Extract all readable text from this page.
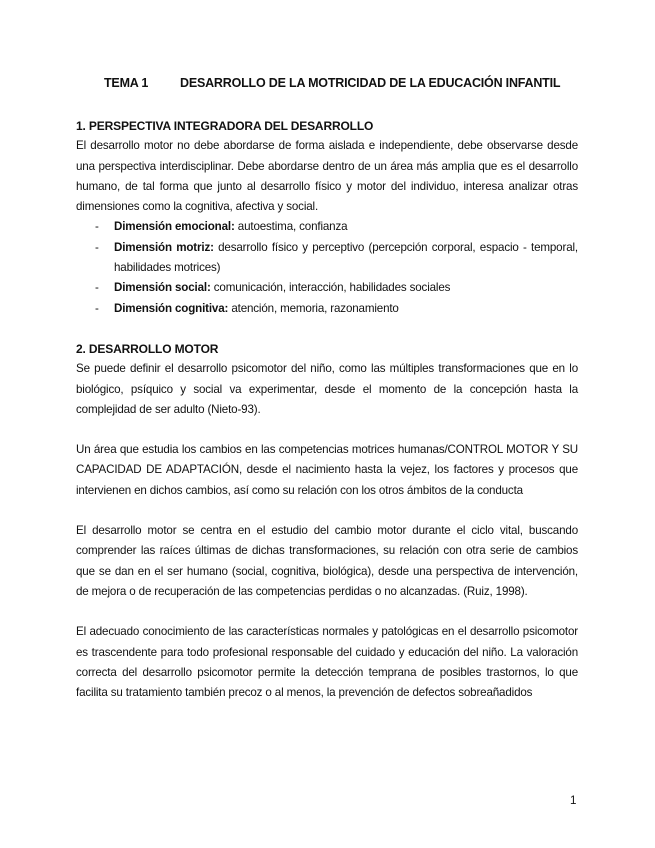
TEMA 1	DESARROLLO DE LA MOTRICIDAD DE LA EDUCACIÓN INFANTIL
1. PERSPECTIVA INTEGRADORA DEL DESARROLLO

El desarrollo motor no debe abordarse de forma aislada e independiente, debe observarse desde una perspectiva interdisciplinar. Debe abordarse dentro de un área más amplia que es el desarrollo humano, de tal forma que junto al desarrollo físico y motor del individuo, interesa analizar otras dimensiones como la cognitiva, afectiva y social.

- Dimensión emocional: autoestima, confianza
- Dimensión motriz: desarrollo físico y perceptivo (percepción corporal, espacio - temporal, habilidades motrices)
- Dimensión social: comunicación, interacción, habilidades sociales
- Dimensión cognitiva: atención, memoria, razonamiento
2. DESARROLLO MOTOR

Se puede definir el desarrollo psicomotor del niño, como las múltiples transformaciones que en lo biológico, psíquico y social va experimentar, desde el momento de la concepción hasta la complejidad de ser adulto (Nieto-93).

Un área que estudia los cambios en las competencias motrices humanas/CONTROL MOTOR Y SU CAPACIDAD DE ADAPTACIÓN, desde el nacimiento hasta la vejez, los factores y procesos que intervienen en dichos cambios, así como su relación con los otros ámbitos de la conducta

El desarrollo motor se centra en el estudio del cambio motor durante el ciclo vital, buscando comprender las raíces últimas de dichas transformaciones, su relación con otra serie de cambios que se dan en el ser humano (social, cognitiva, biológica), desde una perspectiva de intervención, de mejora o de recuperación de las competencias perdidas o no alcanzadas. (Ruiz, 1998).

El adecuado conocimiento de las características normales y patológicas en el desarrollo psicomotor es trascendente para todo profesional responsable del cuidado y educación del niño. La valoración correcta del desarrollo psicomotor permite la detección temprana de posibles trastornos, lo que facilita su tratamiento también precoz o al menos, la prevención de defectos sobreañadidos

1
